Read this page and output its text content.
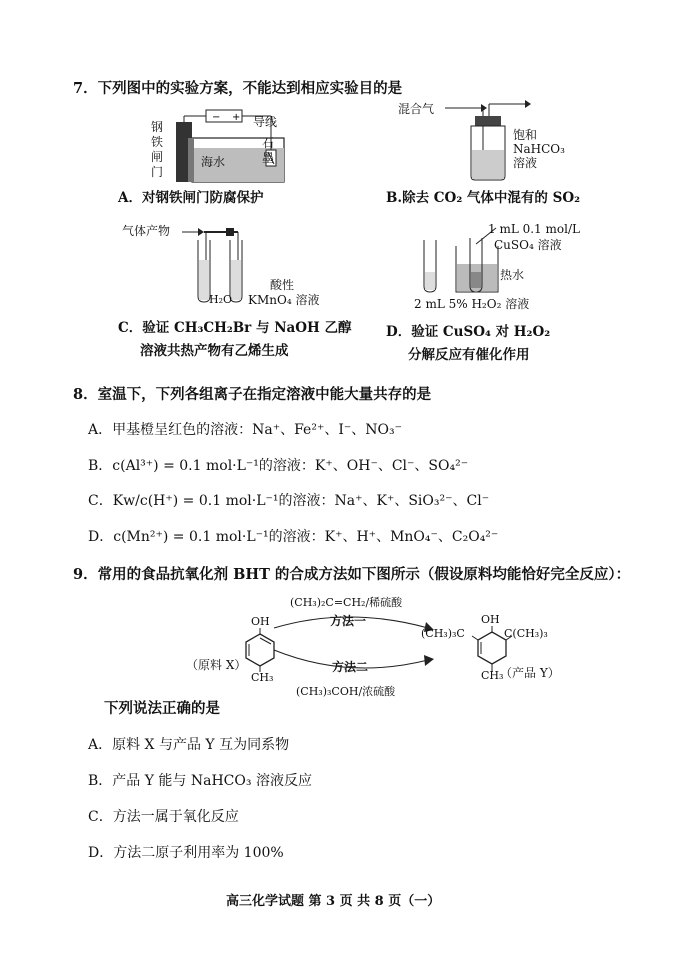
7．下列图中的实验方案，不能达到相应实验目的是
钢
铁
闸
门
− + 导线
海水
石
墨
A．对钢铁闸门防腐保护
混合气
饱和
NaHCO₃
溶液
B.除去 CO₂ 气体中混有的 SO₂
气体产物
H₂O
酸性
KMnO₄ 溶液
C．验证 CH₃CH₂Br 与 NaOH 乙醇
溶液共热产物有乙烯生成
1 mL 0.1 mol/L
CuSO₄ 溶液
热水
2 mL 5% H₂O₂ 溶液
D．验证 CuSO₄ 对 H₂O₂
分解反应有催化作用
8．室温下，下列各组离子在指定溶液中能大量共存的是
A．甲基橙呈红色的溶液：Na⁺、Fe²⁺、I⁻、NO₃⁻
B．c(Al³⁺) = 0.1 mol·L⁻¹的溶液：K⁺、OH⁻、Cl⁻、SO₄²⁻
C．Kw/c(H⁺) = 0.1 mol·L⁻¹的溶液：Na⁺、K⁺、SiO₃²⁻、Cl⁻
D．c(Mn²⁺) = 0.1 mol·L⁻¹的溶液：K⁺、H⁺、MnO₄⁻、C₂O₄²⁻
9．常用的食品抗氧化剂 BHT 的合成方法如下图所示（假设原料均能恰好完全反应）：
(CH₃)₂C=CH₂/稀硫酸
方法一
方法二
(CH₃)₃COH/浓硫酸
OH
CH₃
（原料 X）
OH
(CH₃)₃C	C(CH₃)₃
CH₃
（产品 Y）
下列说法正确的是
A．原料 X 与产品 Y 互为同系物
B．产品 Y 能与 NaHCO₃ 溶液反应
C．方法一属于氧化反应
D．方法二原子利用率为 100%
高三化学试题 第 3 页 共 8 页（一）
